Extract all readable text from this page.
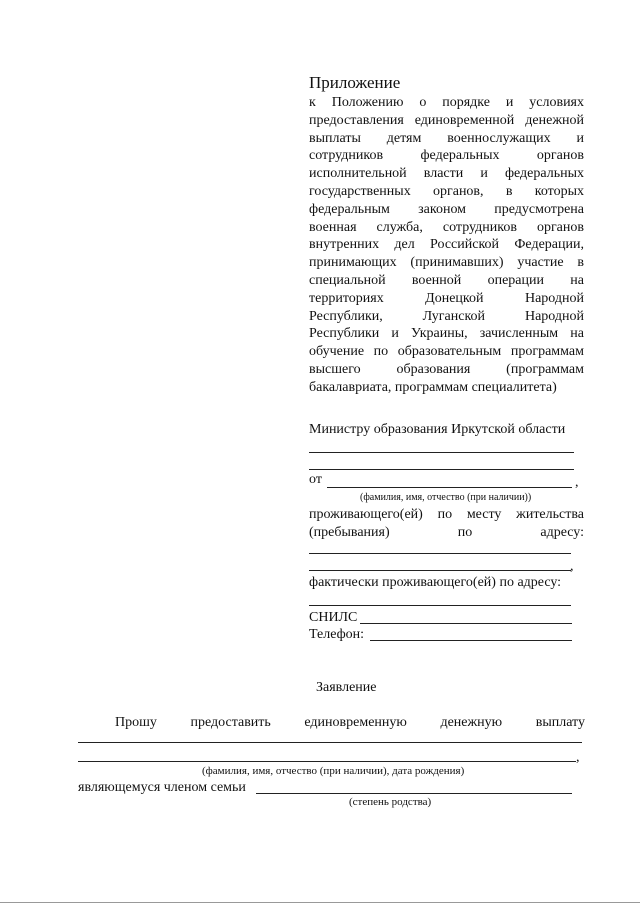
Приложение
к Положению о порядке и условиях
предоставления единовременной денежной
выплаты детям военнослужащих и
сотрудников федеральных органов
исполнительной власти и федеральных
государственных органов, в которых
федеральным законом предусмотрена
военная служба, сотрудников органов
внутренних дел Российской Федерации,
принимающих (принимавших) участие в
специальной военной операции на
территориях Донецкой Народной
Республики, Луганской Народной
Республики и Украины, зачисленным на
обучение по образовательным программам
высшего образования (программам
бакалавриата, программам специалитета)
Министру образования Иркутской области
от	,
(фамилия, имя, отчество (при наличии))
проживающего(ей) по месту жительства
(пребывания) по адресу:
,
фактически проживающего(ей) по адресу:
СНИЛС
Телефон:
Заявление
Прошу предоставить единовременную денежную выплату
,
(фамилия, имя, отчество (при наличии), дата рождения)
являющемуся членом семьи
(степень родства)
